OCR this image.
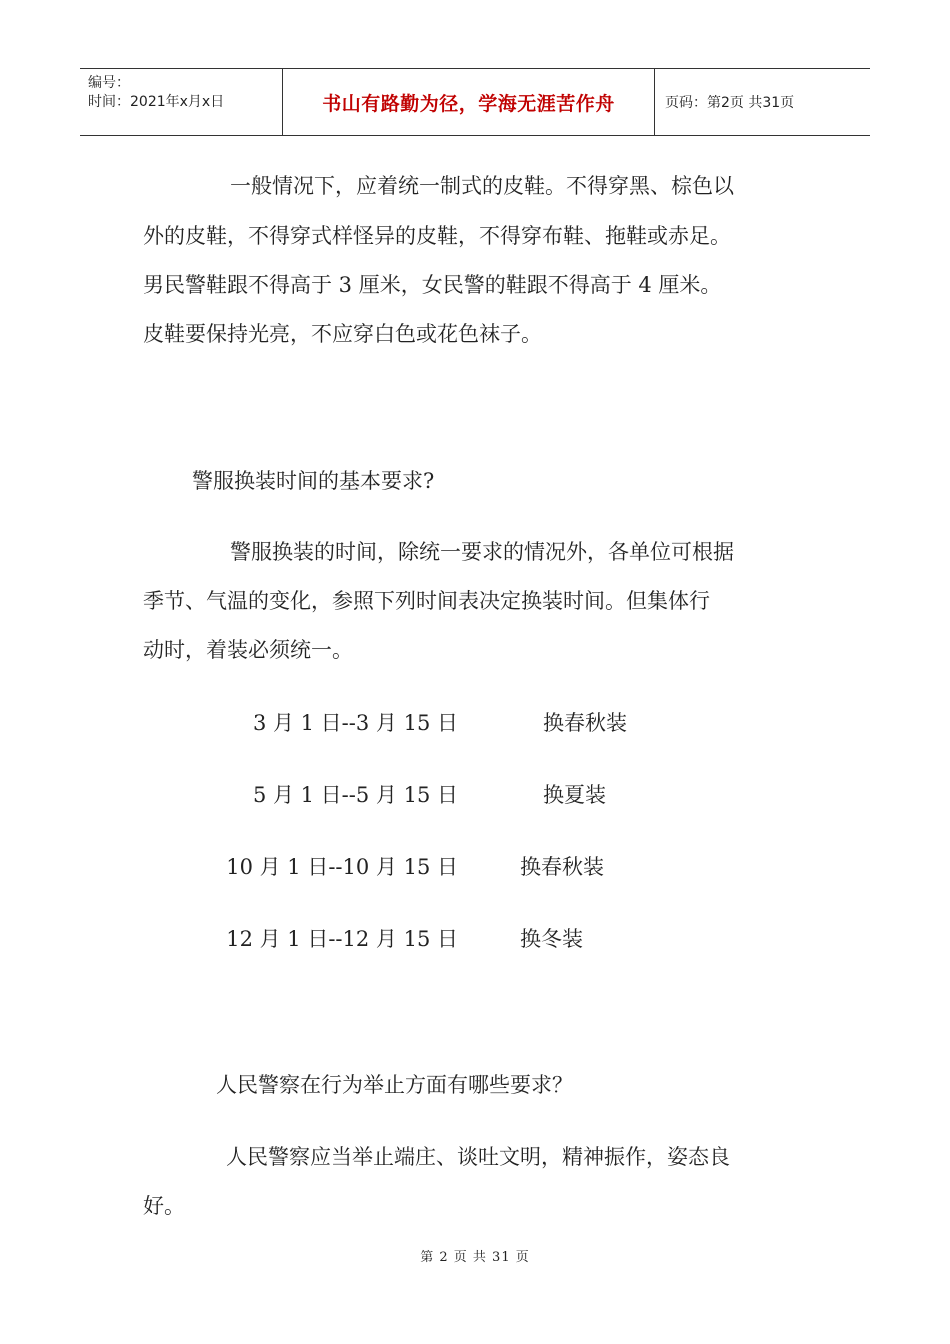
编号：
时间：2021年x月x日	书山有路勤为径，学海无涯苦作舟	页码：第2页 共31页
一般情况下，应着统一制式的皮鞋。不得穿黑、棕色以
外的皮鞋，不得穿式样怪异的皮鞋，不得穿布鞋、拖鞋或赤足。
男民警鞋跟不得高于 3 厘米，女民警的鞋跟不得高于 4 厘米。
皮鞋要保持光亮，不应穿白色或花色袜子。
警服换装时间的基本要求?
警服换装的时间，除统一要求的情况外，各单位可根据
季节、气温的变化，参照下列时间表决定换装时间。但集体行
动时，着装必须统一。
3 月 1 日--3 月 15 日	换春秋装
5 月 1 日--5 月 15 日	换夏装
10 月 1 日--10 月 15 日	换春秋装
12 月 1 日--12 月 15 日	换冬装
人民警察在行为举止方面有哪些要求？
人民警察应当举止端庄、谈吐文明，精神振作，姿态良
好。
第 2 页 共 31 页
